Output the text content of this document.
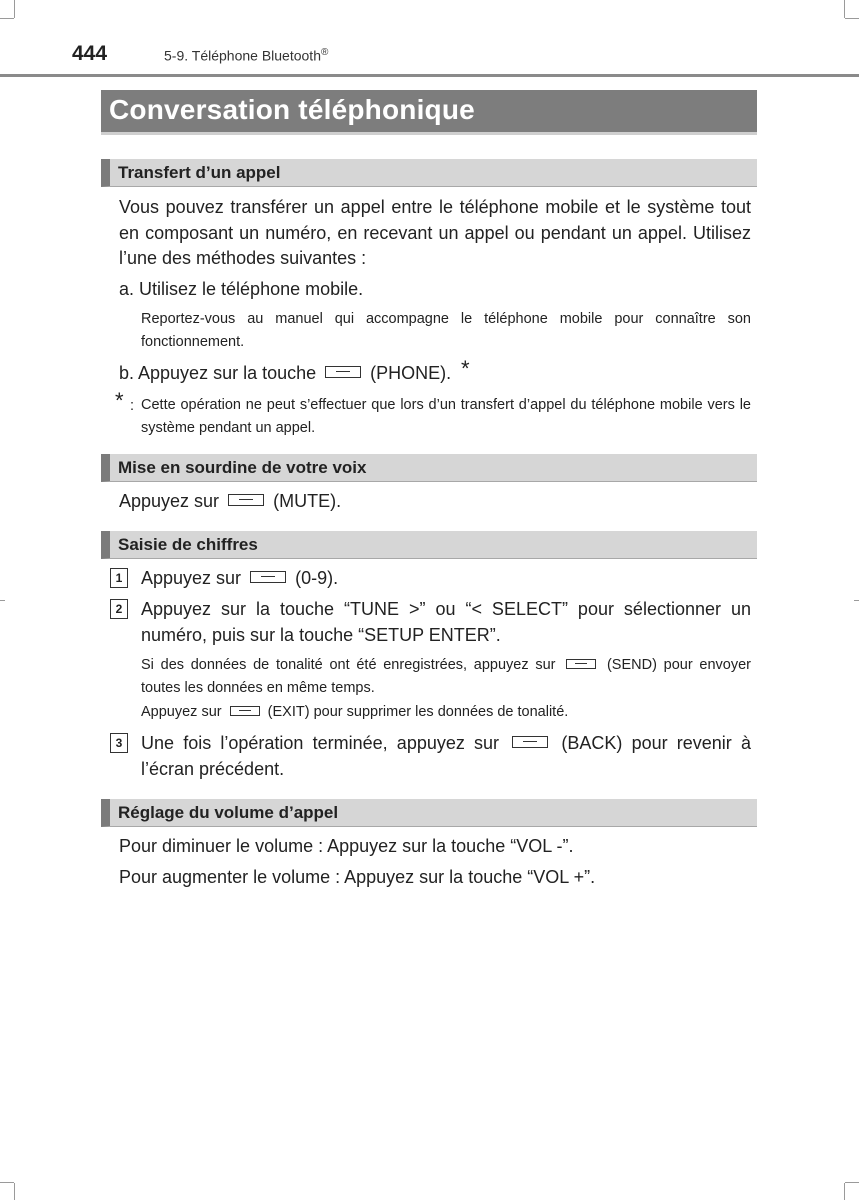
444	5-9. Téléphone Bluetooth®
Conversation téléphonique
Transfert d’un appel
Vous pouvez transférer un appel entre le téléphone mobile et le système tout en composant un numéro, en recevant un appel ou pendant un appel. Utilisez l’une des méthodes suivantes :
a. Utilisez le téléphone mobile.
Reportez-vous au manuel qui accompagne le téléphone mobile pour connaître son fonctionnement.
b. Appuyez sur la touche	(PHONE). *
* : Cette opération ne peut s’effectuer que lors d’un transfert d’appel du téléphone mobile vers le système pendant un appel.
Mise en sourdine de votre voix
Appuyez sur	(MUTE).
Saisie de chiffres
1	Appuyez sur	(0-9).
2	Appuyez sur la touche “TUNE >” ou “< SELECT” pour sélectionner un numéro, puis sur la touche “SETUP ENTER”.
Si des données de tonalité ont été enregistrées, appuyez sur	(SEND) pour envoyer toutes les données en même temps.
Appuyez sur	(EXIT) pour supprimer les données de tonalité.
3	Une fois l’opération terminée, appuyez sur	(BACK) pour revenir à l’écran précédent.
Réglage du volume d’appel
Pour diminuer le volume : Appuyez sur la touche “VOL -”.
Pour augmenter le volume : Appuyez sur la touche “VOL +”.
